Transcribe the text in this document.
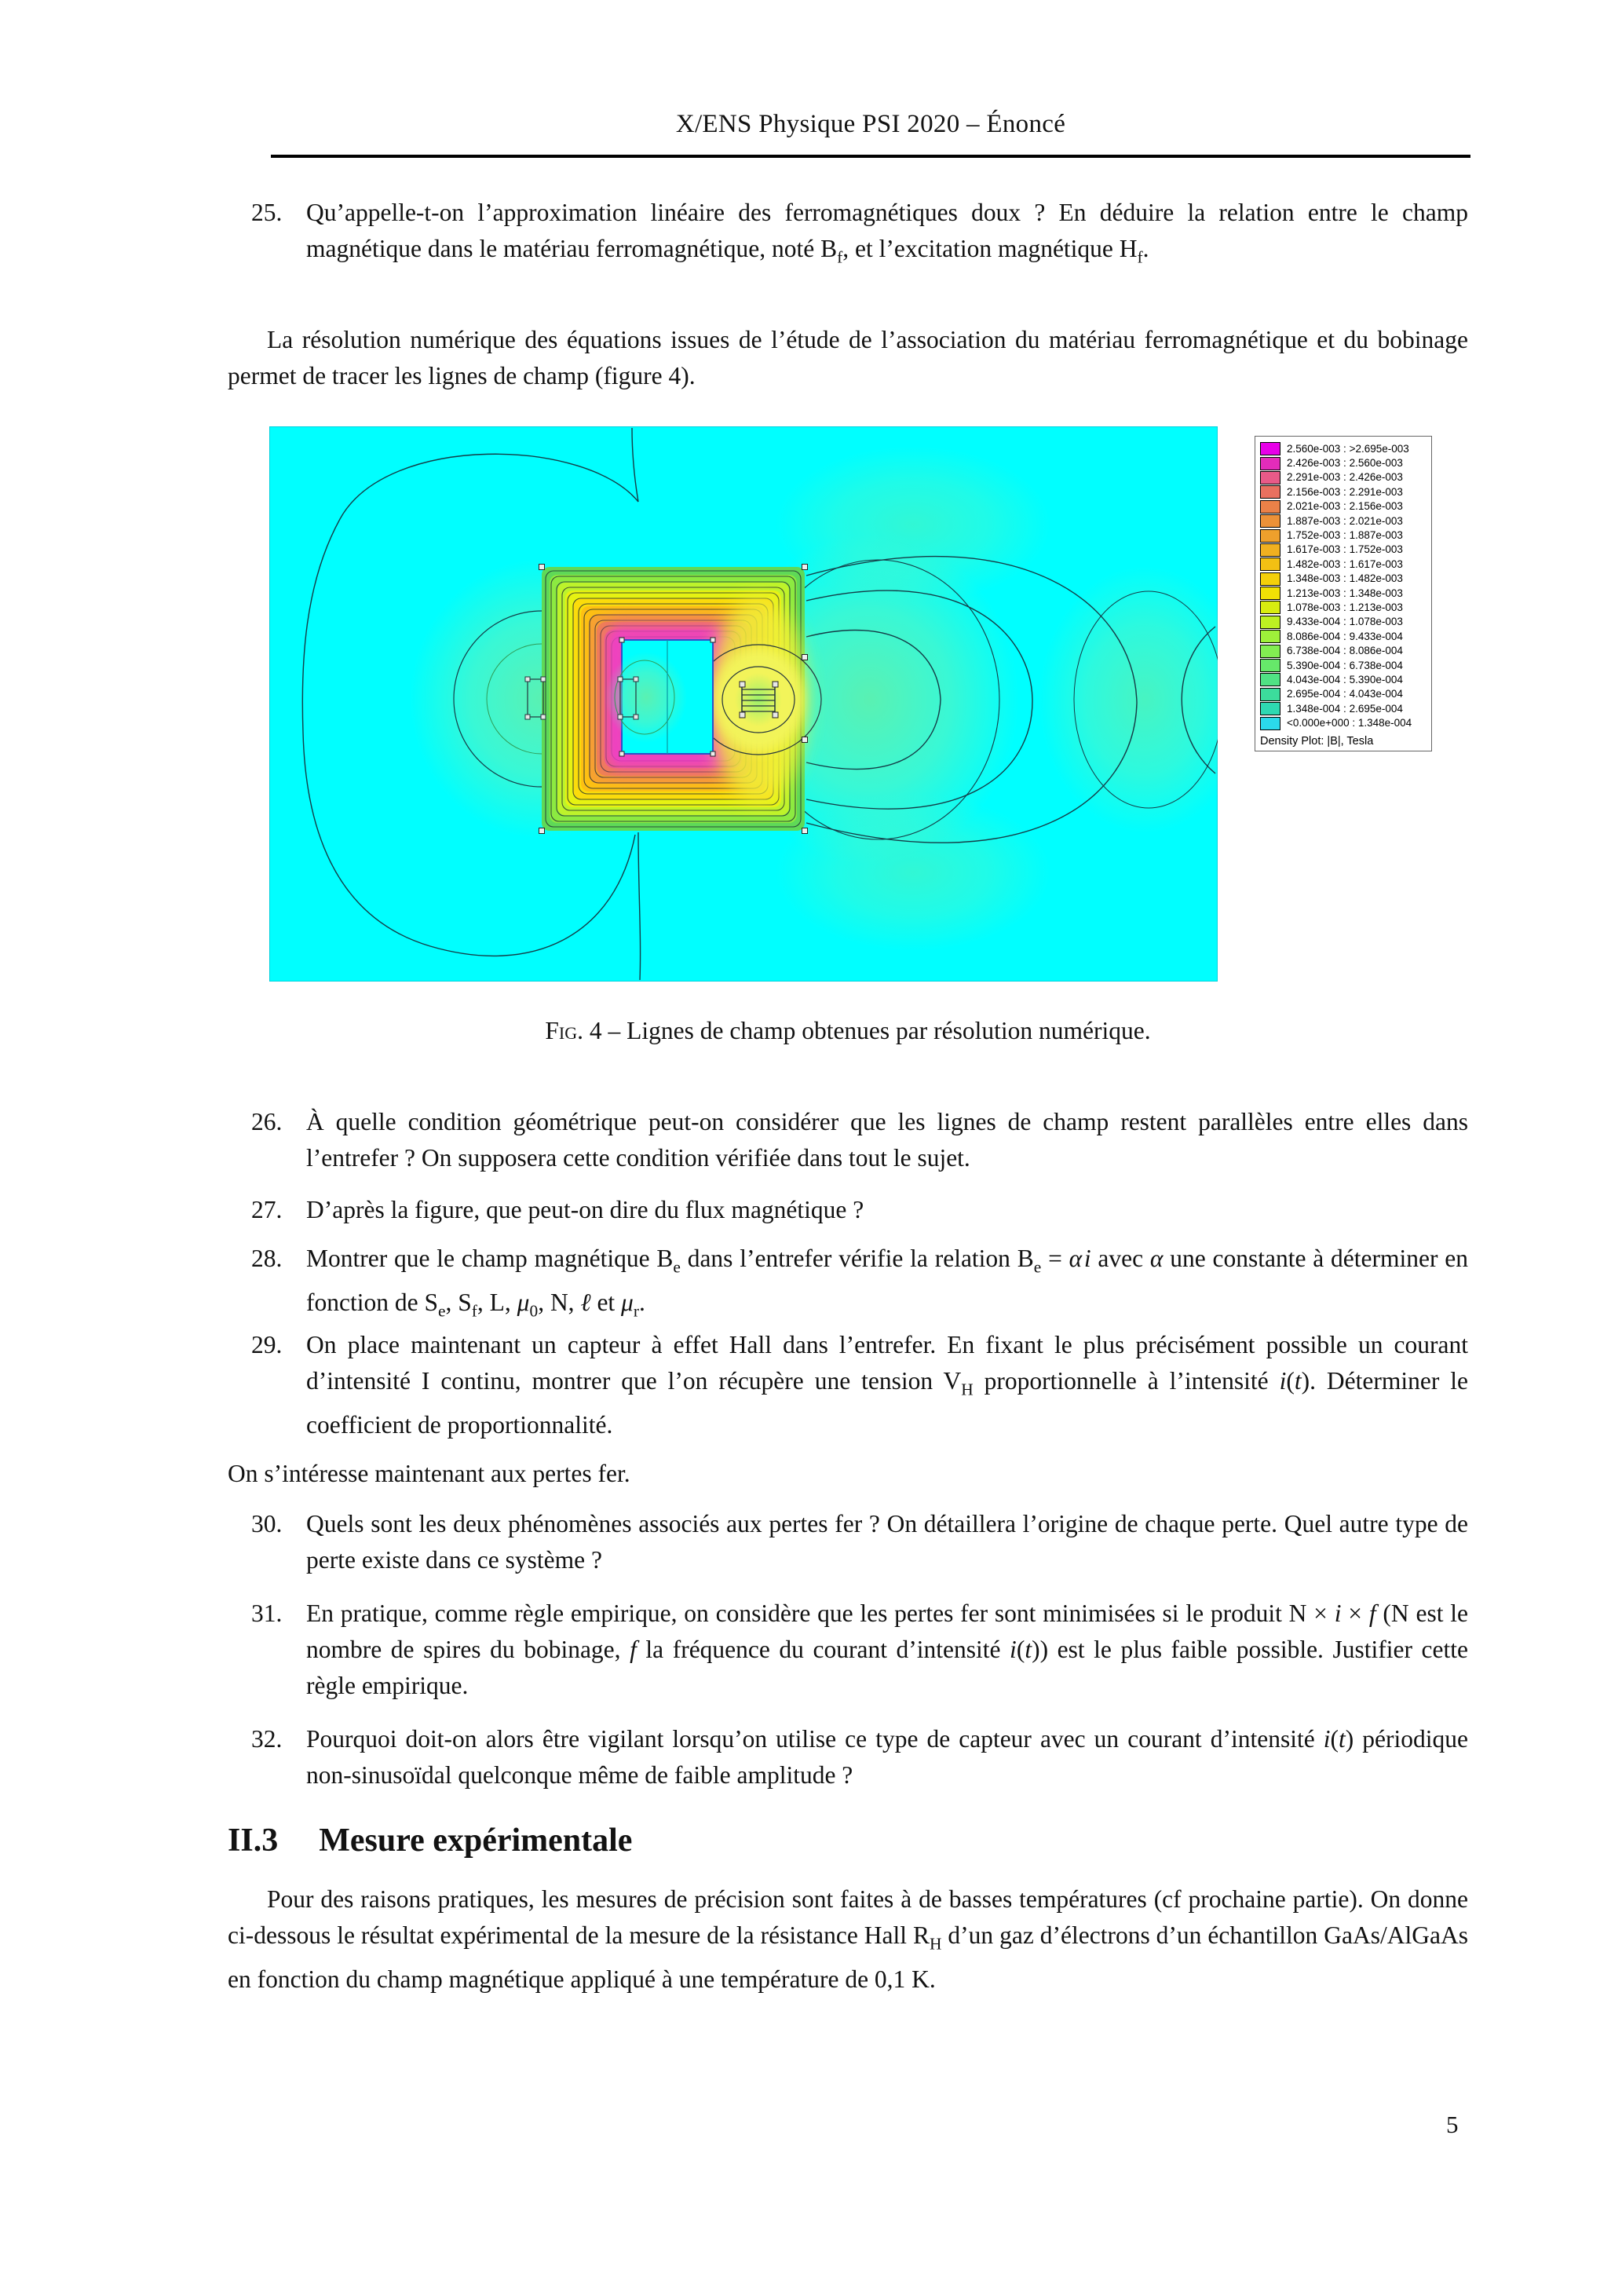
X/ENS Physique PSI 2020 – Énoncé
25. Qu’appelle-t-on l’approximation linéaire des ferromagnétiques doux ? En déduire la relation entre le champ magnétique dans le matériau ferromagnétique, noté $B_f$, et l’excitation magnétique $H_f$.
La résolution numérique des équations issues de l’étude de l’association du matériau ferromagnétique et du bobinage permet de tracer les lignes de champ (figure 4).
2.560e-003 : >2.695e-003
2.426e-003 : 2.560e-003
2.291e-003 : 2.426e-003
2.156e-003 : 2.291e-003
2.021e-003 : 2.156e-003
1.887e-003 : 2.021e-003
1.752e-003 : 1.887e-003
1.617e-003 : 1.752e-003
1.482e-003 : 1.617e-003
1.348e-003 : 1.482e-003
1.213e-003 : 1.348e-003
1.078e-003 : 1.213e-003
9.433e-004 : 1.078e-003
8.086e-004 : 9.433e-004
6.738e-004 : 8.086e-004
5.390e-004 : 6.738e-004
4.043e-004 : 5.390e-004
2.695e-004 : 4.043e-004
1.348e-004 : 2.695e-004
<0.000e+000 : 1.348e-004
Density Plot: |B|, Tesla
Fig. 4 – Lignes de champ obtenues par résolution numérique.
26. À quelle condition géométrique peut-on considérer que les lignes de champ restent parallèles entre elles dans l’entrefer ? On supposera cette condition vérifiée dans tout le sujet.
27. D’après la figure, que peut-on dire du flux magnétique ?
28. Montrer que le champ magnétique $B_e$ dans l’entrefer vérifie la relation $B_e = \alpha$ i avec α une constante à déterminer en fonction de $S_e$, $S_f$, L, $\mu_0$, N, ℓ et $\mu_r$.
29. On place maintenant un capteur à effet Hall dans l’entrefer. En fixant le plus précisément possible un courant d’intensité I continu, montrer que l’on récupère une tension $V_H$ proportionnelle à l’intensité i(t). Déterminer le coefficient de proportionnalité.
On s’intéresse maintenant aux pertes fer.
30. Quels sont les deux phénomènes associés aux pertes fer ? On détaillera l’origine de chaque perte. Quel autre type de perte existe dans ce système ?
31. En pratique, comme règle empirique, on considère que les pertes fer sont minimisées si le produit N × i × f (N est le nombre de spires du bobinage, f la fréquence du courant d’intensité i(t)) est le plus faible possible. Justifier cette règle empirique.
32. Pourquoi doit-on alors être vigilant lorsqu’on utilise ce type de capteur avec un courant d’intensité i(t) périodique non-sinusoïdal quelconque même de faible amplitude ?
II.3 Mesure expérimentale
Pour des raisons pratiques, les mesures de précision sont faites à de basses températures (cf prochaine partie). On donne ci-dessous le résultat expérimental de la mesure de la résistance Hall $R_H$ d’un gaz d’électrons d’un échantillon GaAs/AlGaAs en fonction du champ magnétique appliqué à une température de 0,1 K.
5
